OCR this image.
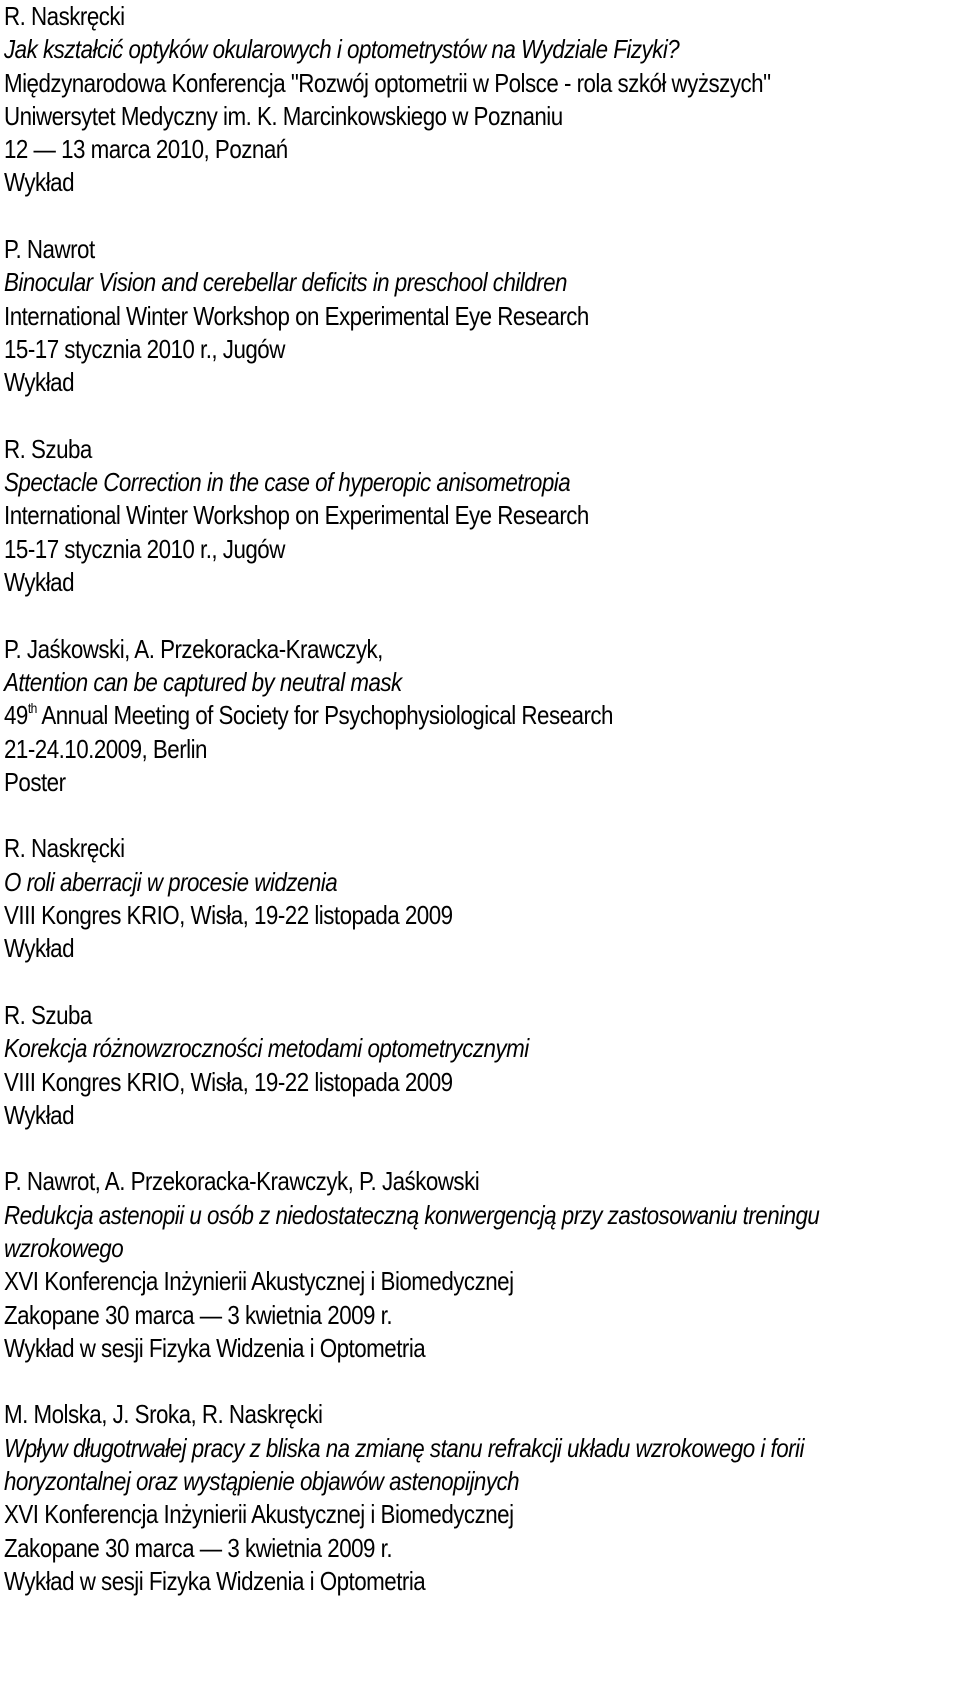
R. Naskręcki
Jak kształcić optyków okularowych i optometrystów na Wydziale Fizyki?
Międzynarodowa Konferencja "Rozwój optometrii w Polsce - rola szkół wyższych"
Uniwersytet Medyczny im. K. Marcinkowskiego w Poznaniu
12 — 13 marca 2010, Poznań
Wykład
P. Nawrot
Binocular Vision and cerebellar deficits in preschool children
International Winter Workshop on Experimental Eye Research
15-17 stycznia 2010 r., Jugów
Wykład
R. Szuba
Spectacle Correction in the case of hyperopic anisometropia
International Winter Workshop on Experimental Eye Research
15-17 stycznia 2010 r., Jugów
Wykład
P. Jaśkowski, A. Przekoracka-Krawczyk,
Attention can be captured by neutral mask
49th Annual Meeting of Society for Psychophysiological Research
21-24.10.2009, Berlin
Poster
R. Naskręcki
O roli aberracji w procesie widzenia
VIII Kongres KRIO, Wisła, 19-22 listopada 2009
Wykład
R. Szuba
Korekcja różnowzroczności metodami optometrycznymi
VIII Kongres KRIO, Wisła, 19-22 listopada 2009
Wykład
P. Nawrot, A. Przekoracka-Krawczyk, P. Jaśkowski
Redukcja astenopii u osób z niedostateczną konwergencją przy zastosowaniu treningu
wzrokowego
XVI Konferencja Inżynierii Akustycznej i Biomedycznej
Zakopane 30 marca — 3 kwietnia 2009 r.
Wykład w sesji Fizyka Widzenia i Optometria
M. Molska, J. Sroka, R. Naskręcki
Wpływ długotrwałej pracy z bliska na zmianę stanu refrakcji układu wzrokowego i forii
horyzontalnej oraz wystąpienie objawów astenopijnych
XVI Konferencja Inżynierii Akustycznej i Biomedycznej
Zakopane 30 marca — 3 kwietnia 2009 r.
Wykład w sesji Fizyka Widzenia i Optometria
